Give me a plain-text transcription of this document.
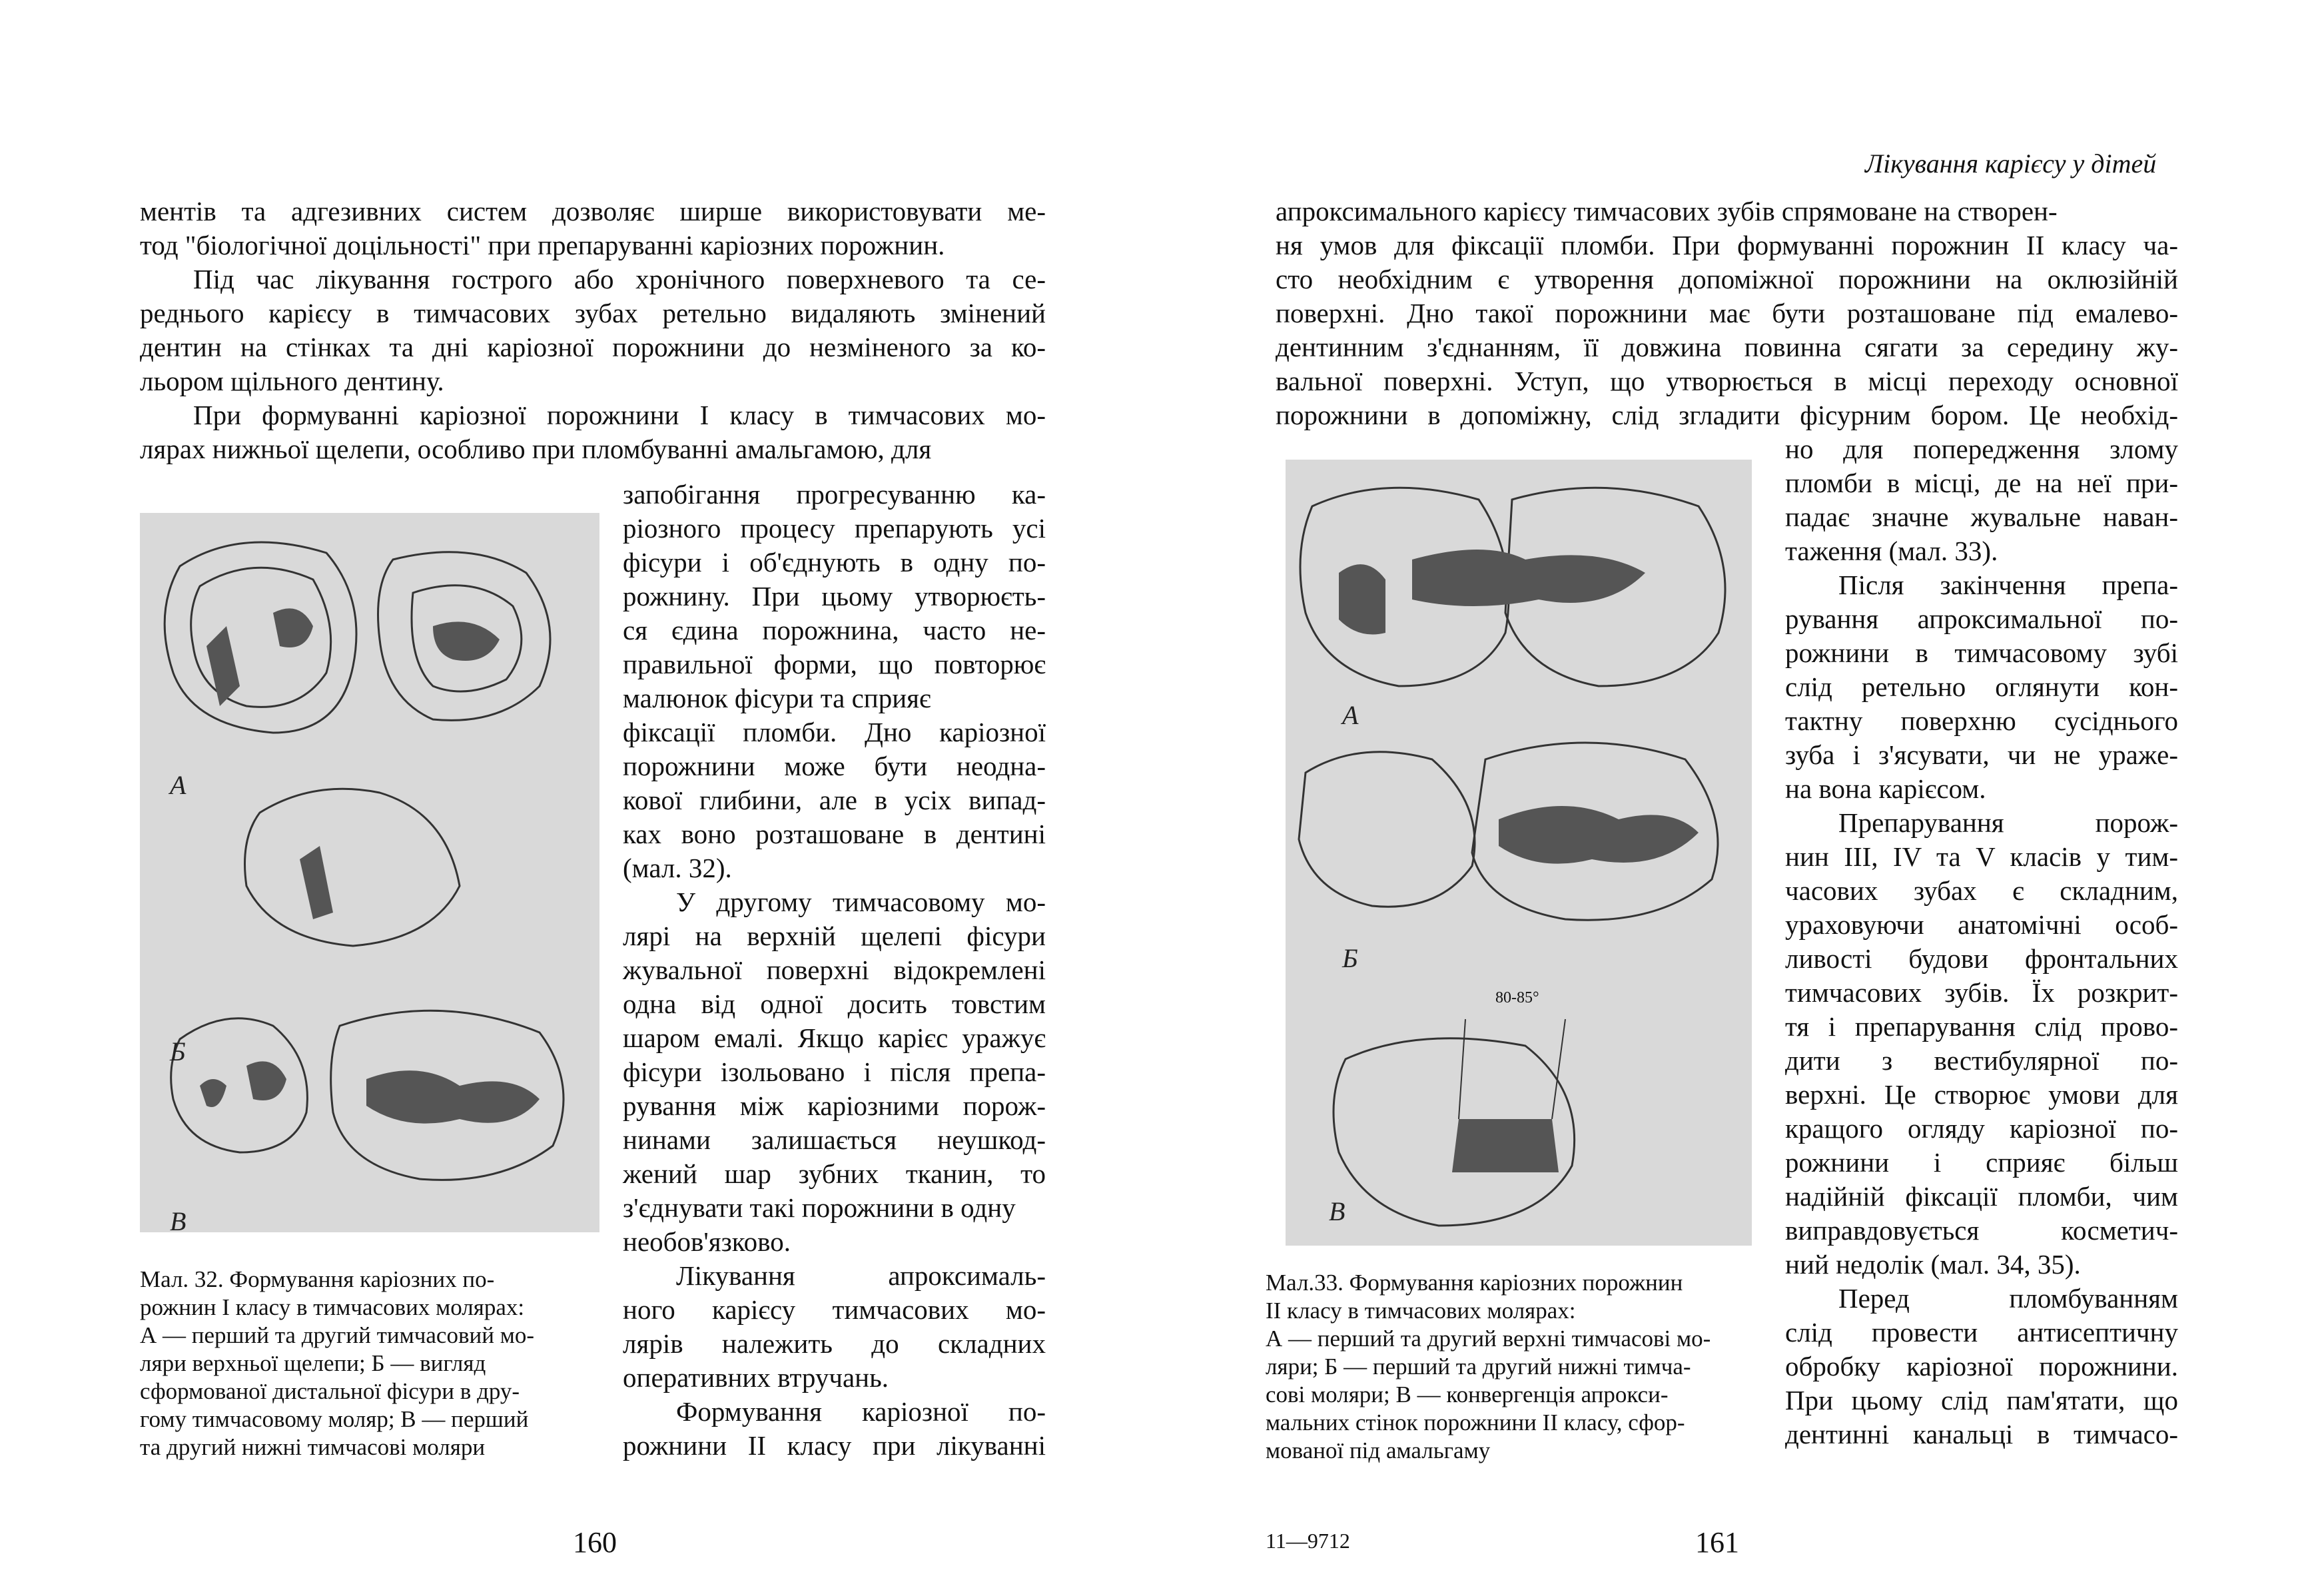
Лікування карієсу у дітей
ментів та адгезивних систем дозволяє ширше використовувати ме-
тод "біологічної доцільності" при препаруванні каріозних порожнин.
Під час лікування гострого або хронічного поверхневого та се-
реднього карієсу в тимчасових зубах ретельно видаляють змінений
дентин на стінках та дні каріозної порожнини до незміненого за ко-
льором щільного дентину.
При формуванні каріозної порожнини І класу в тимчасових мо-
лярах нижньої щелепи, особливо при пломбуванні амальгамою, для
А
Б
В
запобігання прогресуванню ка-
ріозного процесу препарують усі
фісури і об'єднують в одну по-
рожнину. При цьому утворюєть-
ся єдина порожнина, часто не-
правильної форми, що повторює
малюнок фісури та сприяє
фіксації пломби. Дно каріозної
порожнини може бути неодна-
кової глибини, але в усіх випад-
ках воно розташоване в дентині
(мал. 32).
У другому тимчасовому мо-
лярі на верхній щелепі фісури
жувальної поверхні відокремлені
одна від одної досить товстим
шаром емалі. Якщо карієс уражує
фісури ізольовано і після препа-
рування між каріозними порож-
нинами залишається неушкод-
жений шар зубних тканин, то
з'єднувати такі порожнини в одну
необов'язково.
Лікування апроксималь-
ного карієсу тимчасових мо-
лярів належить до складних
оперативних втручань.
Формування каріозної по-
рожнини II класу при лікуванні
Мал. 32. Формування каріозних по-
рожнин І класу в тимчасових молярах:
А — перший та другий тимчасовий мо-
ляри верхньої щелепи; Б — вигляд
сформованої дистальної фісури в дру-
гому тимчасовому моляр; В — перший
та другий нижні тимчасові моляри
160
апроксимального карієсу тимчасових зубів спрямоване на створен-
ня умов для фіксації пломби. При формуванні порожнин II класу ча-
сто необхідним є утворення допоміжної порожнини на оклюзійній
поверхні. Дно такої порожнини має бути розташоване під емалево-
дентинним з'єднанням, її довжина повинна сягати за середину жу-
вальної поверхні. Уступ, що утворюється в місці переходу основної
порожнини в допоміжну, слід згладити фісурним бором. Це необхід-
А
Б
В
80-85°
но для попередження злому
пломби в місці, де на неї при-
падає значне жувальне наван-
таження (мал. 33).
Після закінчення препа-
рування апроксимальної по-
рожнини в тимчасовому зубі
слід ретельно оглянути кон-
тактну поверхню сусіднього
зуба і з'ясувати, чи не уражe-
на вона карієсом.
Препарування порож-
нин III, IV та V класів у тим-
часових зубах є складним,
ураховуючи анатомічні особ-
ливості будови фронтальних
тимчасових зубів. Їх розкрит-
тя і препарування слід прово-
дити з вестибулярної по-
верхні. Це створює умови для
кращого огляду каріозної по-
рожнини і сприяє більш
надійній фіксації пломби, чим
виправдовується косметич-
ний недолік (мал. 34, 35).
Перед пломбуванням
слід провести антисептичну
обробку каріозної порожнини.
При цьому слід пам'ятати, що
дентинні канальці в тимчасо-
Мал.33. Формування каріозних порожнин
II класу в тимчасових молярах:
А — перший та другий верхні тимчасові мо-
ляри; Б — перший та другий нижні тимча-
сові моляри; В — конвергенція апрокси-
мальних стінок порожнини II класу, сфор-
мованої під амальгаму
11—9712	161
